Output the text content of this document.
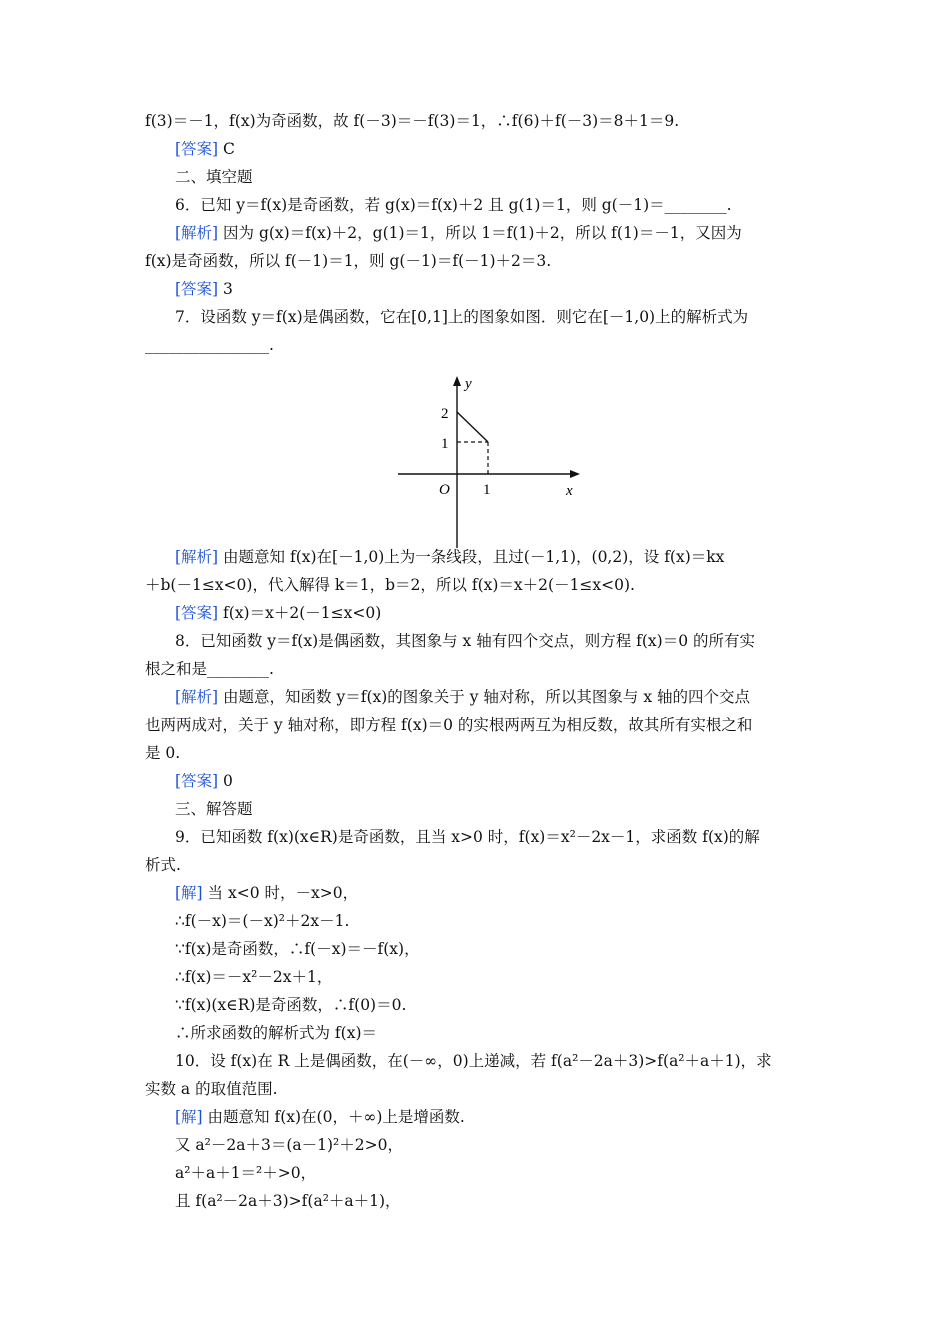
f(3)＝－1，f(x)为奇函数，故 f(－3)＝－f(3)＝1，∴f(6)＋f(－3)＝8＋1＝9.
[答案] C
二、填空题
6．已知 y＝f(x)是奇函数，若 g(x)＝f(x)＋2 且 g(1)＝1，则 g(－1)＝________.
[解析] 因为 g(x)＝f(x)＋2，g(1)＝1，所以 1＝f(1)＋2，所以 f(1)＝－1，又因为
f(x)是奇函数，所以 f(－1)＝1，则 g(－1)＝f(－1)＋2＝3.
[答案] 3
7．设函数 y＝f(x)是偶函数，它在[0,1]上的图象如图．则它在[－1,0)上的解析式为
________________.
[解析] 由题意知 f(x)在[－1,0)上为一条线段，且过(－1,1)，(0,2)，设 f(x)＝kx
＋b(－1≤x<0)，代入解得 k＝1，b＝2，所以 f(x)＝x＋2(－1≤x<0).
[答案] f(x)＝x＋2(－1≤x<0)
8．已知函数 y＝f(x)是偶函数，其图象与 x 轴有四个交点，则方程 f(x)＝0 的所有实
根之和是________.
[解析] 由题意，知函数 y＝f(x)的图象关于 y 轴对称，所以其图象与 x 轴的四个交点
也两两成对，关于 y 轴对称，即方程 f(x)＝0 的实根两两互为相反数，故其所有实根之和
是 0.
[答案] 0
三、解答题
9．已知函数 f(x)(x∈R)是奇函数，且当 x>0 时，f(x)＝x²－2x－1，求函数 f(x)的解
析式.
[解] 当 x<0 时，－x>0，
∴f(－x)＝(－x)²＋2x－1.
∵f(x)是奇函数，∴f(－x)＝－f(x)，
∴f(x)＝－x²－2x＋1，
∵f(x)(x∈R)是奇函数，∴f(0)＝0.
∴所求函数的解析式为 f(x)＝
10．设 f(x)在 R 上是偶函数，在(－∞，0)上递减，若 f(a²－2a＋3)>f(a²＋a＋1)，求
实数 a 的取值范围.
[解] 由题意知 f(x)在(0，＋∞)上是增函数.
又 a²－2a＋3＝(a－1)²＋2>0，
a²＋a＋1＝²＋>0，
且 f(a²－2a＋3)>f(a²＋a＋1)，
y
x
O
2
1
1
